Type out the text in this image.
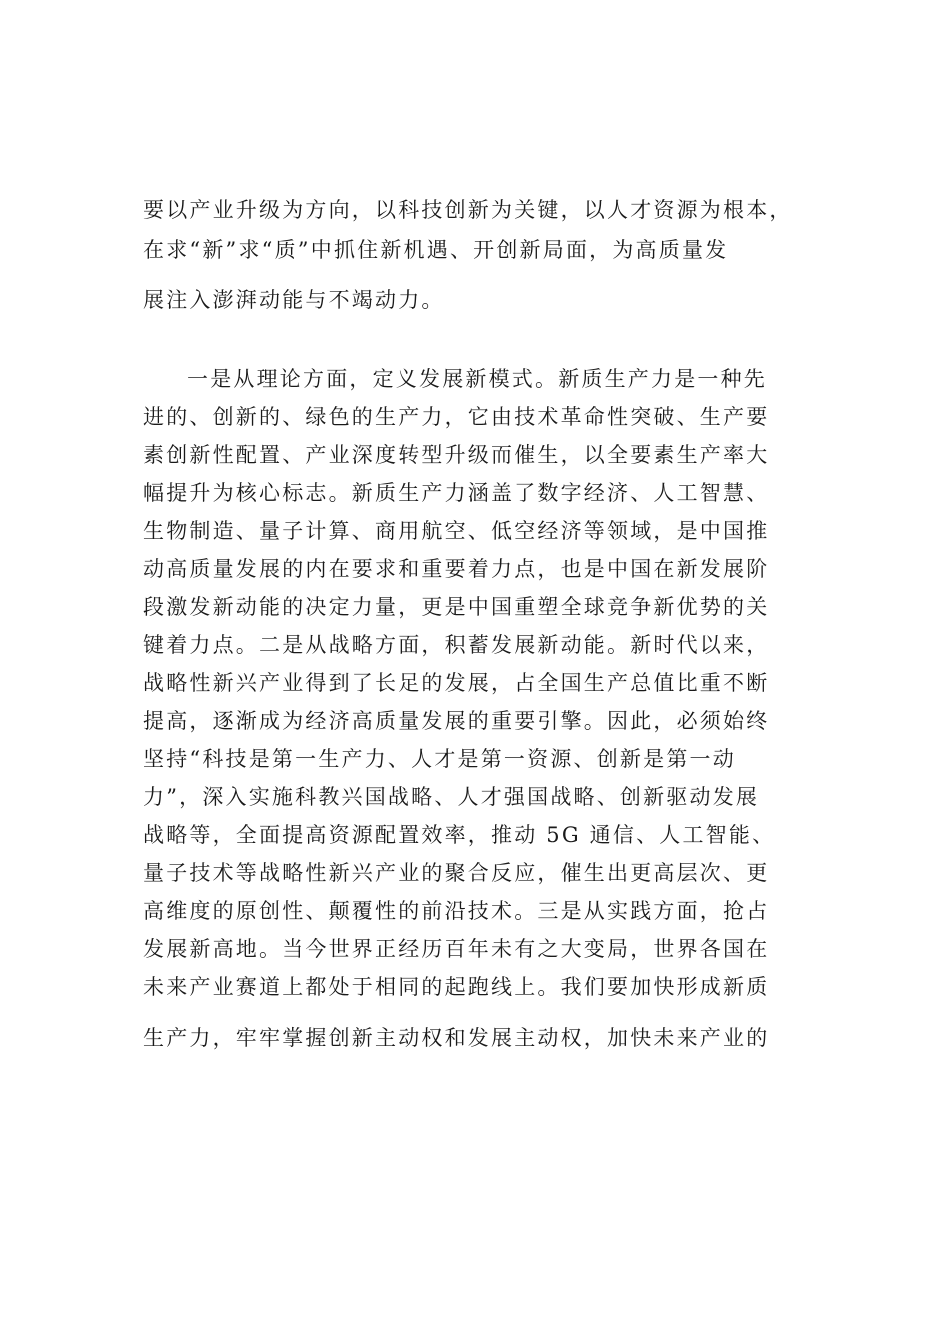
要以产业升级为方向，以科技创新为关键，以人才资源为根本，
在求“新”求“质”中抓住新机遇、开创新局面，为高质量发
展注入澎湃动能与不竭动力。
一是从理论方面，定义发展新模式。新质生产力是一种先
进的、创新的、绿色的生产力，它由技术革命性突破、生产要
素创新性配置、产业深度转型升级而催生，以全要素生产率大
幅提升为核心标志。新质生产力涵盖了数字经济、人工智慧、
生物制造、量子计算、商用航空、低空经济等领域，是中国推
动高质量发展的内在要求和重要着力点，也是中国在新发展阶
段激发新动能的决定力量，更是中国重塑全球竞争新优势的关
键着力点。二是从战略方面，积蓄发展新动能。新时代以来，
战略性新兴产业得到了长足的发展，占全国生产总值比重不断
提高，逐渐成为经济高质量发展的重要引擎。因此，必须始终
坚持“科技是第一生产力、人才是第一资源、创新是第一动
力”，深入实施科教兴国战略、人才强国战略、创新驱动发展
战略等，全面提高资源配置效率，推动 5G 通信、人工智能、
量子技术等战略性新兴产业的聚合反应，催生出更高层次、更
高维度的原创性、颠覆性的前沿技术。三是从实践方面，抢占
发展新高地。当今世界正经历百年未有之大变局，世界各国在
未来产业赛道上都处于相同的起跑线上。我们要加快形成新质
生产力，牢牢掌握创新主动权和发展主动权，加快未来产业的
